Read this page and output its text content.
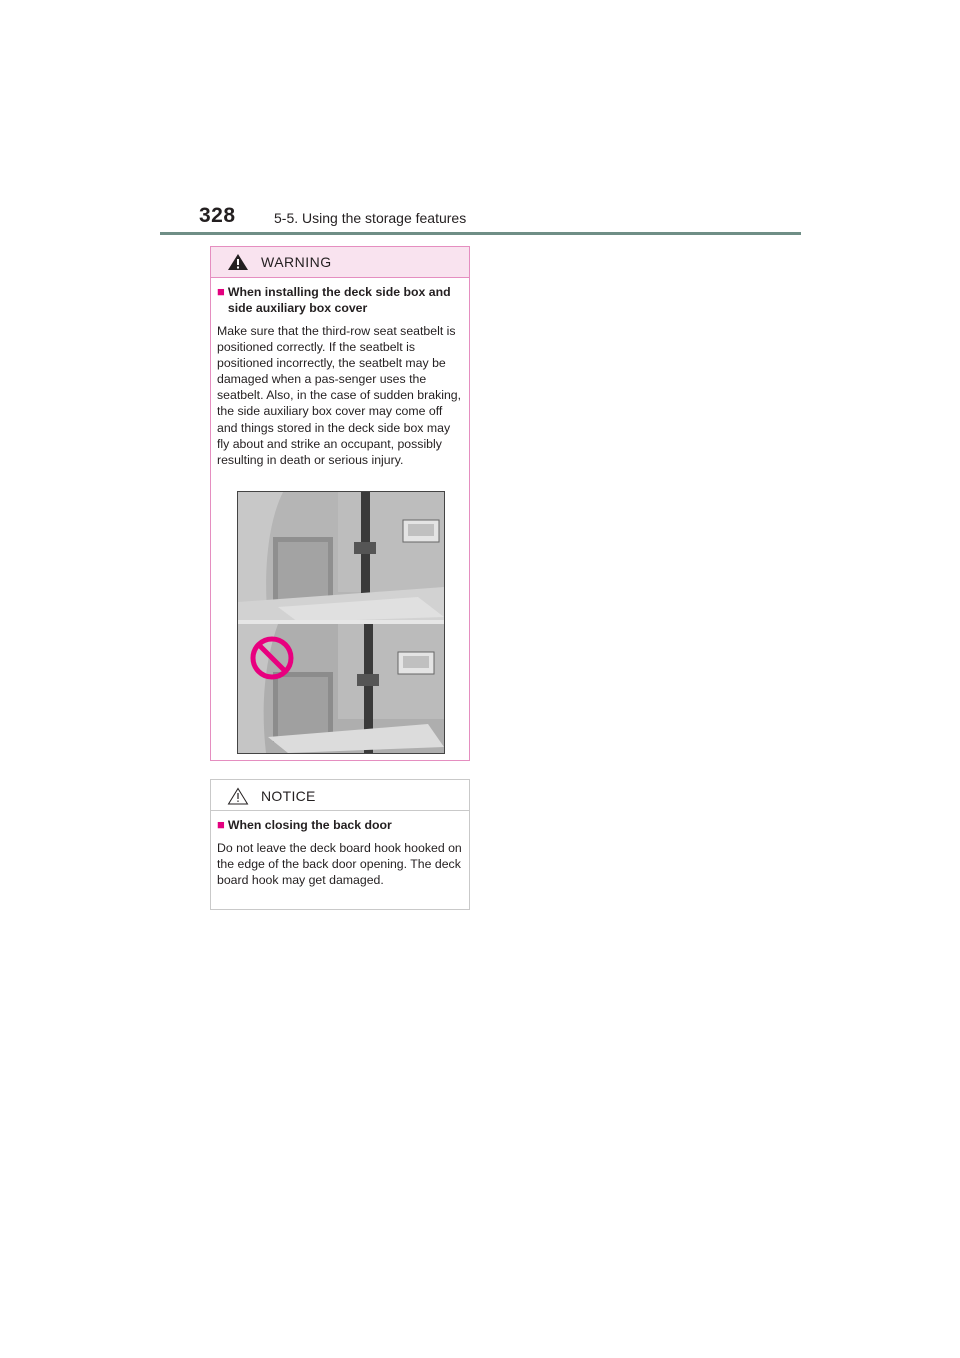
328	5-5. Using the storage features
WARNING
■ When installing the deck side box and side auxiliary box cover
Make sure that the third-row seat seatbelt is positioned correctly. If the seatbelt is positioned incorrectly, the seatbelt may be damaged when a pas-senger uses the seatbelt. Also, in the case of sudden braking, the side auxiliary box cover may come off and things stored in the deck side box may fly about and strike an occupant, possibly resulting in death or serious injury.
NOTICE
■ When closing the back door
Do not leave the deck board hook hooked on the edge of the back door opening. The deck board hook may get damaged.
